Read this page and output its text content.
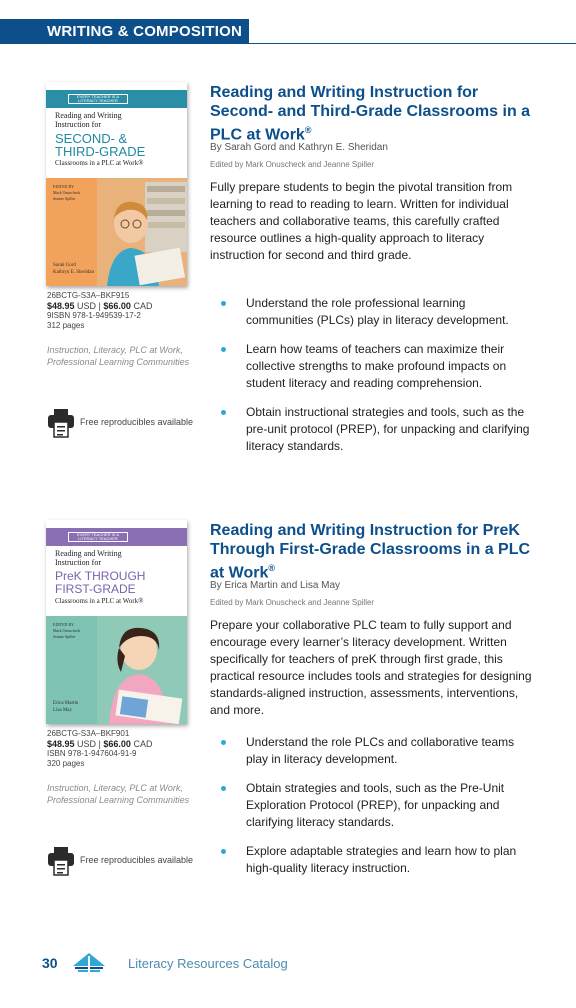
WRITING & COMPOSITION
EVERY TEACHER IS A LITERACY TEACHER
Reading and Writing
Instruction for
SECOND- &
THIRD-GRADE
Classrooms in a PLC at Work®
EDITED BY
Mark Onuscheck
Jeanne Spiller
Sarah Gord
Kathryn E. Sheridan
26BCTG-S3A–BKF915
$48.95 USD | $66.00 CAD
9ISBN 978-1-949539-17-2
312 pages
Instruction, Literacy, PLC at Work, Professional Learning Communities
Free reproducibles available
Reading and Writing Instruction for Second- and Third-Grade Classrooms in a PLC at Work®
By Sarah Gord and Kathryn E. Sheridan
Edited by Mark Onuscheck and Jeanne Spiller
Fully prepare students to begin the pivotal transition from learning to read to reading to learn. Written for individual teachers and collaborative teams, this carefully crafted resource outlines a high-quality approach to literacy instruction for second and third grade.
Understand the role professional learning communities (PLCs) play in literacy development.
Learn how teams of teachers can maximize their collective strengths to make profound impacts on student literacy and reading comprehension.
Obtain instructional strategies and tools, such as the pre-unit protocol (PREP), for unpacking and clarifying literacy standards.
EVERY TEACHER IS A LITERACY TEACHER
Reading and Writing
Instruction for
PreK THROUGH
FIRST-GRADE
Classrooms in a PLC at Work®
EDITED BY
Mark Onuscheck
Jeanne Spiller
Erica Martin
Lisa May
26BCTG-S3A–BKF901
$48.95 USD | $66.00 CAD
ISBN 978-1-947604-91-9
320 pages
Instruction, Literacy, PLC at Work, Professional Learning Communities
Free reproducibles available
Reading and Writing Instruction for PreK Through First-Grade Classrooms in a PLC at Work®
By Erica Martin and Lisa May
Edited by Mark Onuscheck and Jeanne Spiller
Prepare your collaborative PLC team to fully support and encourage every learner’s literacy development. Written specifically for teachers of preK through first grade, this practical resource includes tools and strategies for designing standards-aligned instruction, assessments, interventions, and more.
Understand the role PLCs and collaborative teams play in literacy development.
Obtain strategies and tools, such as the Pre-Unit Exploration Protocol (PREP), for unpacking and clarifying literacy standards.
Explore adaptable strategies and learn how to plan high-quality literacy instruction.
30	Literacy Resources Catalog
